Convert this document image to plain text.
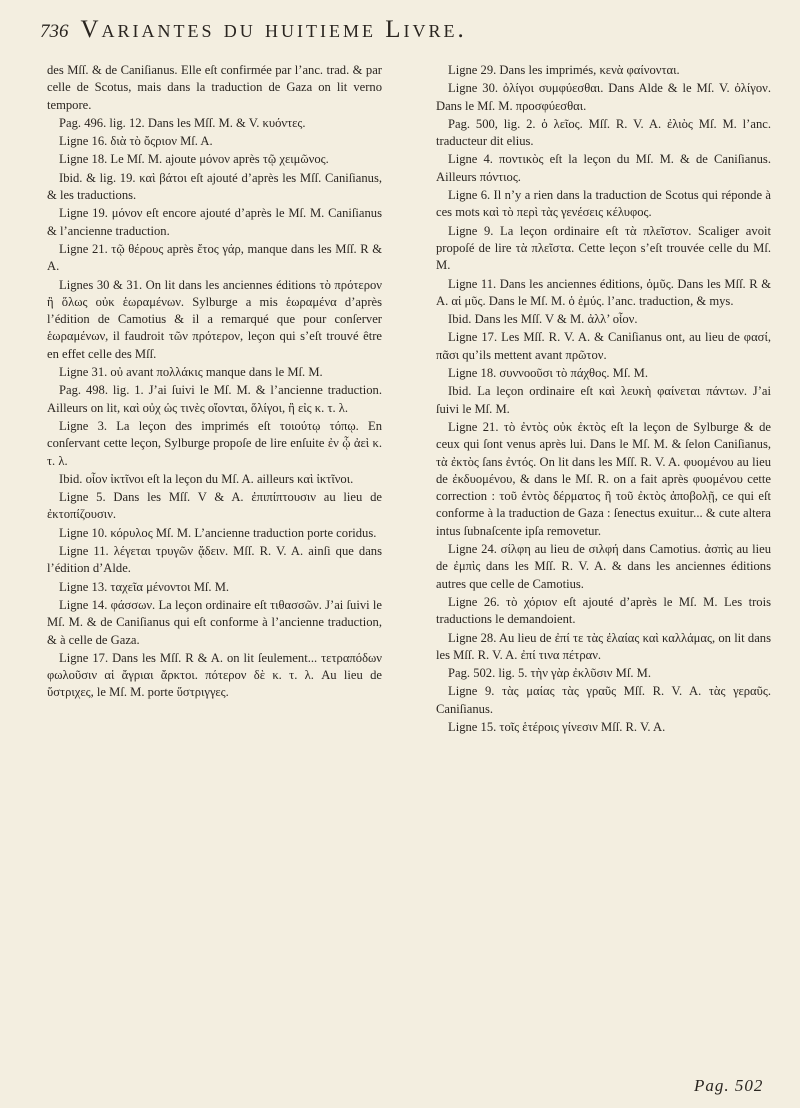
736 Variantes du huitieme Livre.

des Mſſ. & de Caniſianus. Elle eſt confirmée par l’anc. trad. & par celle de Scotus, mais dans la traduction de Gaza on lit verno tempore.

Pag. 496. lig. 12. Dans les Mſſ. M. & V. κυόντες.

Ligne 16. διὰ τὸ ὄςριον Mſ. A.

Ligne 18. Le Mſ. M. ajoute μόνον après τῷ χειμῶνος.

Ibid. & lig. 19. καὶ βάτοι eſt ajouté d’après les Mſſ. Caniſianus, & les traductions.

Ligne 19. μόνον eſt encore ajouté d’après le Mſ. M. Caniſianus & l’ancienne traduction.

Ligne 21. τῷ θέρους après ἔτος γάρ, manque dans les Mſſ. R & A.

Lignes 30 & 31. On lit dans les anciennes éditions τὸ πρότερον ἢ ὅλως οὐκ ἑωραμένων. Sylburge a mis ἑωραμένα d’après l’édition de Camotius & il a remarqué que pour conſerver ἑωραμένων, il faudroit τῶν πρότερον, leçon qui s’eſt trouvé être en effet celle des Mſſ.

Ligne 31. οὐ avant πολλάκις manque dans le Mſ. M.

Pag. 498. lig. 1. J’ai ſuivi le Mſ. M. & l’ancienne traduction. Ailleurs on lit, καὶ οὐχ ὡς τινὲς οἴονται, ὅλίγοι, ἢ εἰς κ. τ. λ.

Ligne 3. La leçon des imprimés eſt τοιούτῳ τόπῳ. En conſervant cette leçon, Sylburge propoſe de lire enſuite ἐν ᾧ ἀεὶ κ. τ. λ.

Ibid. οἷον ἰκτῖνοι eſt la leçon du Mſ. A. ailleurs καὶ ἰκτῖνοι.

Ligne 5. Dans les Mſſ. V & A. ἐπιπίπτουσιν au lieu de ἐκτοπίζουσιν.

Ligne 10. κόρυλος Mſ. M. L’ancienne traduction porte coridus.

Ligne 11. λέγεται τρυγῶν ᾄδειν. Mſſ. R. V. A. ainſi que dans l’édition d’Alde.

Ligne 13. ταχεῖα μένοντοι Mſ. M.

Ligne 14. φάσσων. La leçon ordinaire eſt τιθασσῶν. J’ai ſuivi le Mſ. M. & de Caniſianus qui eſt conforme à l’ancienne traduction, & à celle de Gaza.

Ligne 17. Dans les Mſſ. R & A. on lit ſeulement... τετραπόδων φωλοῦσιν αἱ ἄγριαι ἄρκτοι. πότερον δὲ κ. τ. λ. Au lieu de ὕστριχες, le Mſ. M. porte ὕστριγγες.

Ligne 29. Dans les imprimés, κενὰ φαίνονται.

Ligne 30. ὀλίγοι συμφύεσθαι. Dans Alde & le Mſ. V. ὀλίγον. Dans le Mſ. M. προσφύεσθαι.

Pag. 500, lig. 2. ὁ λεῖος. Mſſ. R. V. A. ἐλιὸς Mſ. M. l’anc. traducteur dit elius.

Ligne 4. ποντικὸς eſt la leçon du Mſ. M. & de Caniſianus. Ailleurs πόντιος.

Ligne 6. Il n’y a rien dans la traduction de Scotus qui réponde à ces mots καὶ τὸ περὶ τὰς γενέσεις κέλυφος.

Ligne 9. La leçon ordinaire eſt τὰ πλεῖστον. Scaliger avoit propoſé de lire τὰ πλεῖστα. Cette leçon s’eſt trouvée celle du Mſ. M.

Ligne 11. Dans les anciennes éditions, ὁμῦς. Dans les Mſſ. R & A. αἱ μῦς. Dans le Mſ. M. ὁ ἐμύς. l’anc. traduction, & mys.

Ibid. Dans les Mſſ. V & M. ἀλλ’ οἷον.

Ligne 17. Les Mſſ. R. V. A. & Caniſianus ont, au lieu de φασί, πᾶσι qu’ils mettent avant πρῶτον.

Ligne 18. συννοοῦσι τὸ πάχθος. Mſ. M.

Ibid. La leçon ordinaire eſt καὶ λευκὴ φαίνεται πάντων. J’ai ſuivi le Mſ. M.

Ligne 21. τὸ ἐντὸς οὐκ ἐκτὸς eſt la leçon de Sylburge & de ceux qui ſont venus après lui. Dans le Mſ. M. & ſelon Caniſianus, τὰ ἐκτὸς ſans ἐντός. On lit dans les Mſſ. R. V. A. φυομένου au lieu de ἐκδυομένου, & dans le Mſ. R. on a fait après φυομένου cette correction : τοῦ ἐντὸς δέρματος ἢ τοῦ ἐκτὸς ἀποβολῇ, ce qui eſt conforme à la traduction de Gaza : ſenectus exuitur... & cute altera intus ſubnaſcente ipſa removetur.

Ligne 24. σίλφη au lieu de σιλφή dans Camotius. ἀσπὶς au lieu de ἐμπὶς dans les Mſſ. R. V. A. & dans les anciennes éditions autres que celle de Camotius.

Ligne 26. τὸ χόριον eſt ajouté d’après le Mſ. M. Les trois traductions le demandoient.

Ligne 28. Au lieu de ἐπί τε τὰς ἐλαίας καὶ καλλάμας, on lit dans les Mſſ. R. V. A. ἐπί τινα πέτραν.

Pag. 502. lig. 5. τὴν γὰρ ἐκλῦσιν Mſ. M.

Ligne 9. τὰς μαίας τὰς γραῦς Mſſ. R. V. A. τὰς γεραῦς. Caniſianus.

Ligne 15. τοῖς ἑτέροις γίνεσιν Mſſ. R. V. A.

Pag. 502
